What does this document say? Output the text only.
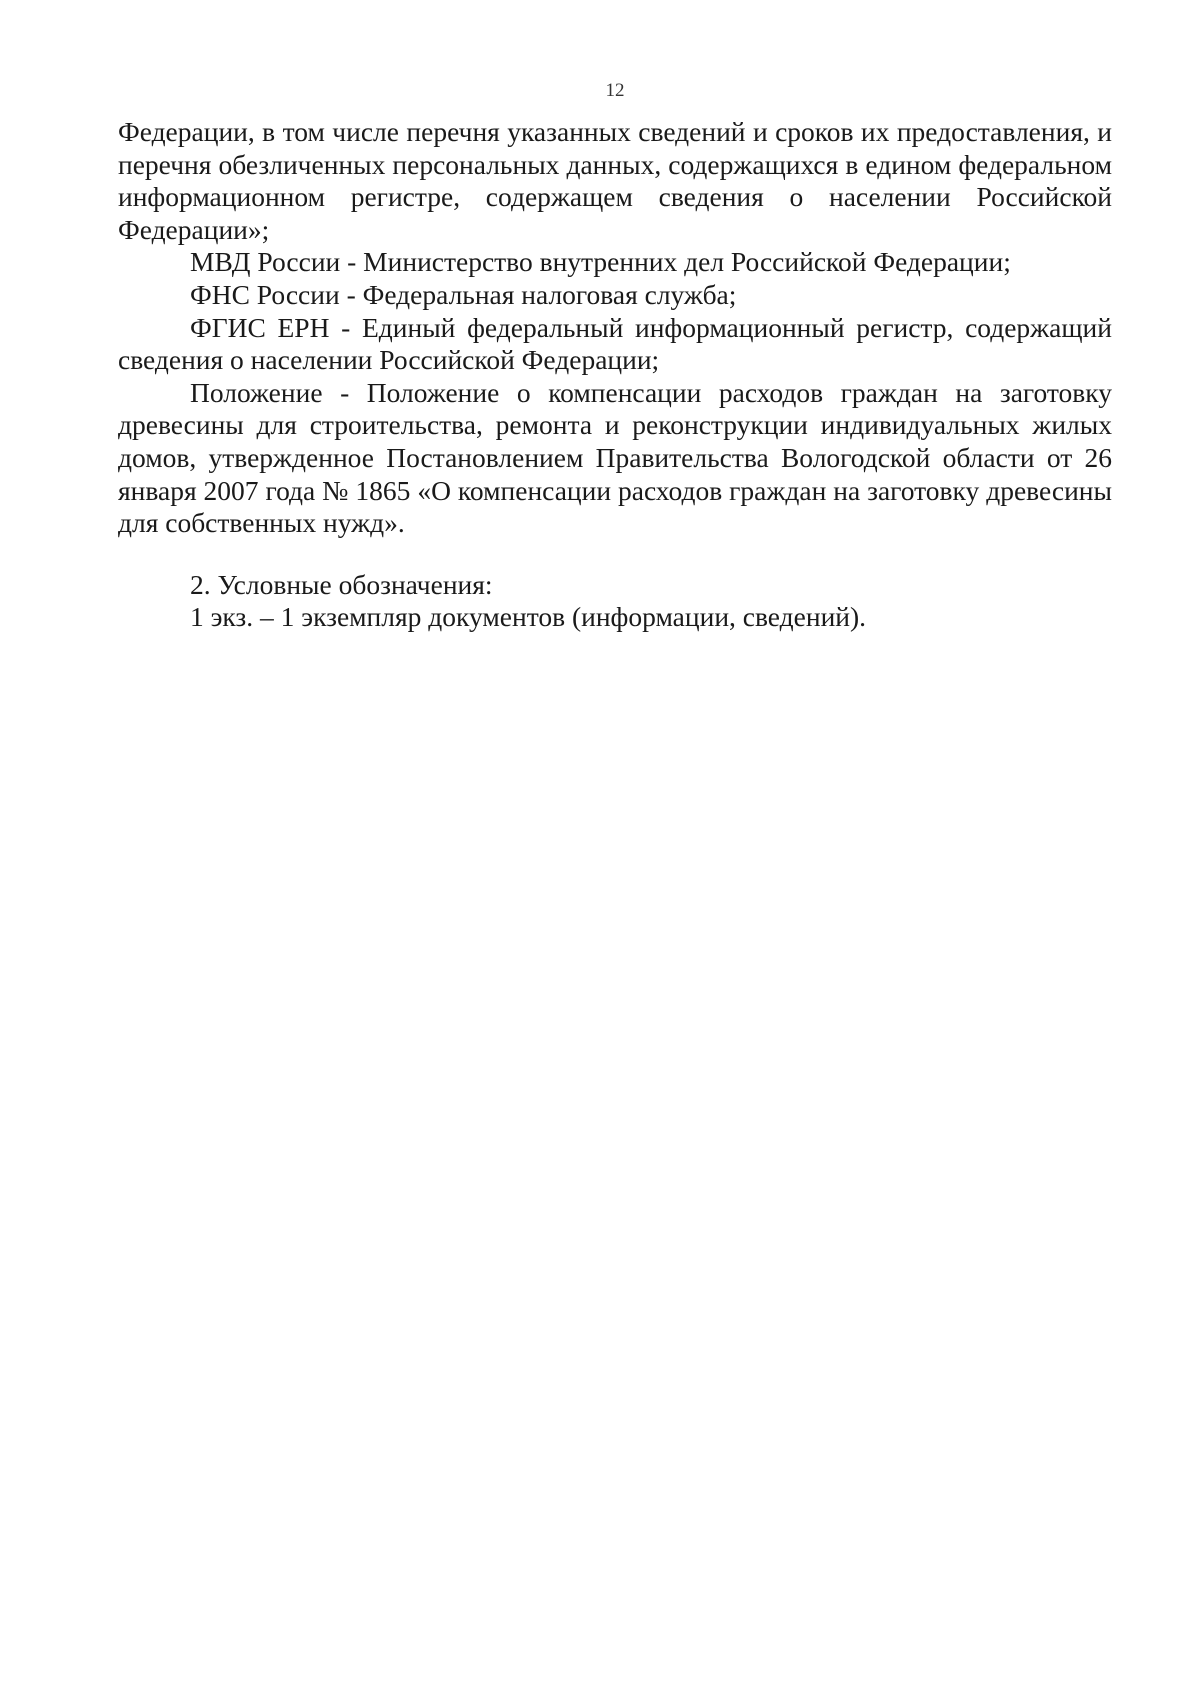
12

Федерации, в том числе перечня указанных сведений и сроков их предоставления, и перечня обезличенных персональных данных, содержащихся в едином федеральном информационном регистре, содержащем сведения о населении Российской Федерации»;

МВД России - Министерство внутренних дел Российской Федерации;

ФНС России - Федеральная налоговая служба;

ФГИС ЕРН - Единый федеральный информационный регистр, содержащий сведения о населении Российской Федерации;

Положение - Положение о компенсации расходов граждан на заготовку древесины для строительства, ремонта и реконструкции индивидуальных жилых домов, утвержденное Постановлением Правительства Вологодской области от 26 января 2007 года № 1865 «О компенсации расходов граждан на заготовку древесины для собственных нужд».

2. Условные обозначения:

1 экз. – 1 экземпляр документов (информации, сведений).
